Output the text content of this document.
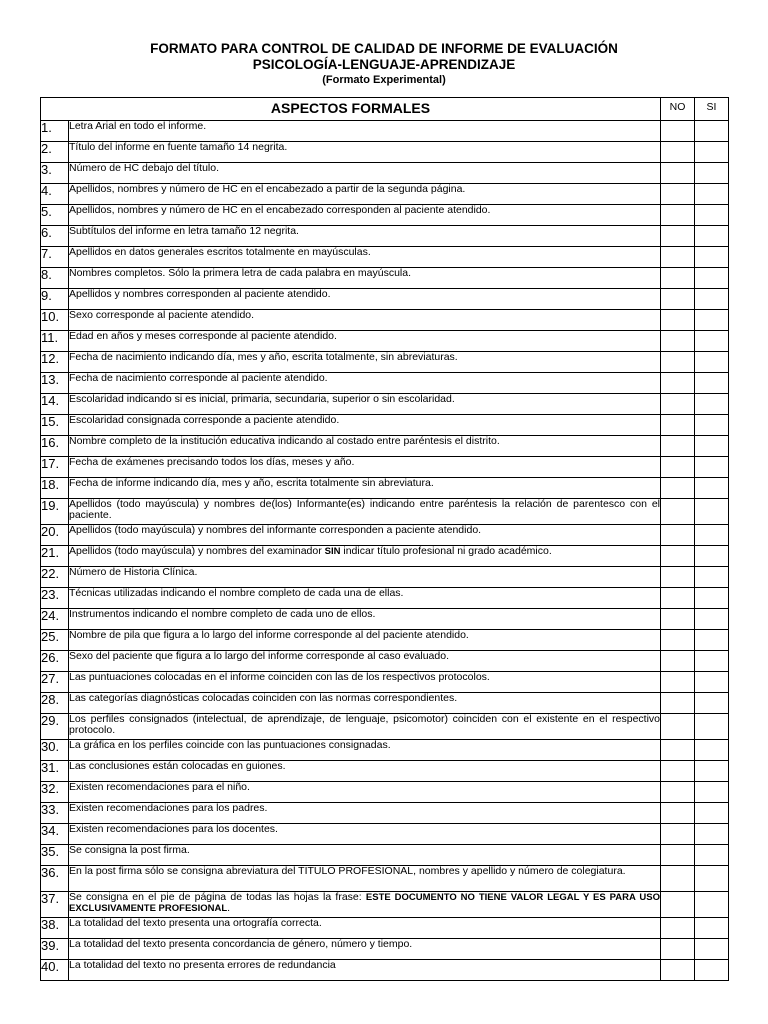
FORMATO PARA CONTROL DE CALIDAD DE INFORME DE EVALUACIÓN
PSICOLOGÍA-LENGUAJE-APRENDIZAJE
(Formato Experimental)
ASPECTOS FORMALES		NO	SI
1.	Letra Arial en todo el informe.		
2.	Título del informe en fuente tamaño 14 negrita.		
3.	Número de HC debajo del título.		
4.	Apellidos, nombres y número de HC en el encabezado a partir de la segunda página.		
5.	Apellidos, nombres y número de HC en el encabezado corresponden al paciente atendido.		
6.	Subtítulos del informe en letra tamaño 12 negrita.		
7.	Apellidos en datos generales escritos totalmente en mayúsculas.		
8.	Nombres completos. Sólo la primera letra de cada palabra en mayúscula.		
9.	Apellidos y nombres corresponden al paciente atendido.		
10.	Sexo corresponde al paciente atendido.		
11.	Edad en años y meses corresponde al paciente atendido.		
12.	Fecha de nacimiento indicando día, mes y año, escrita totalmente, sin abreviaturas.		
13.	Fecha de nacimiento corresponde al paciente atendido.		
14.	Escolaridad indicando si es inicial, primaria, secundaria, superior o sin escolaridad.		
15.	Escolaridad consignada corresponde a paciente atendido.		
16.	Nombre completo de la institución educativa indicando al costado entre paréntesis el distrito.		
17.	Fecha de exámenes precisando todos los días, meses y año.		
18.	Fecha de informe indicando día, mes y año, escrita totalmente sin abreviatura.		
19.	Apellidos (todo mayúscula) y nombres de(los) Informante(es) indicando entre paréntesis la relación de parentesco con el paciente.		
20.	Apellidos (todo mayúscula) y nombres del informante corresponden a paciente atendido.		
21.	Apellidos (todo mayúscula) y nombres del examinador SIN indicar título profesional ni grado académico.		
22.	Número de Historia Clínica.		
23.	Técnicas utilizadas indicando el nombre completo de cada una de ellas.		
24.	Instrumentos indicando el nombre completo de cada uno de ellos.		
25.	Nombre de pila que figura a lo largo del informe corresponde al del paciente atendido.		
26.	Sexo del paciente que figura a lo largo del informe corresponde al caso evaluado.		
27.	Las puntuaciones colocadas en el informe coinciden con las de los respectivos protocolos.		
28.	Las categorías diagnósticas colocadas coinciden con las normas correspondientes.		
29.	Los perfiles consignados (intelectual, de aprendizaje, de lenguaje, psicomotor) coinciden con el existente en el respectivo protocolo.		
30.	La gráfica en los perfiles coincide con las puntuaciones consignadas.		
31.	Las conclusiones están colocadas en guiones.		
32.	Existen recomendaciones para el niño.		
33.	Existen recomendaciones para los padres.		
34.	Existen recomendaciones para los docentes.		
35.	Se consigna la post firma.		
36.	En la post firma sólo se consigna abreviatura del TITULO PROFESIONAL, nombres y apellido y número de colegiatura.		
37.	Se consigna en el pie de página de todas las hojas la frase: ESTE DOCUMENTO NO TIENE VALOR LEGAL Y ES PARA USO EXCLUSIVAMENTE PROFESIONAL.		
38.	La totalidad del texto presenta una ortografía correcta.		
39.	La totalidad del texto presenta concordancia de género, número y tiempo.		
40.	La totalidad del texto no presenta errores de redundancia		
